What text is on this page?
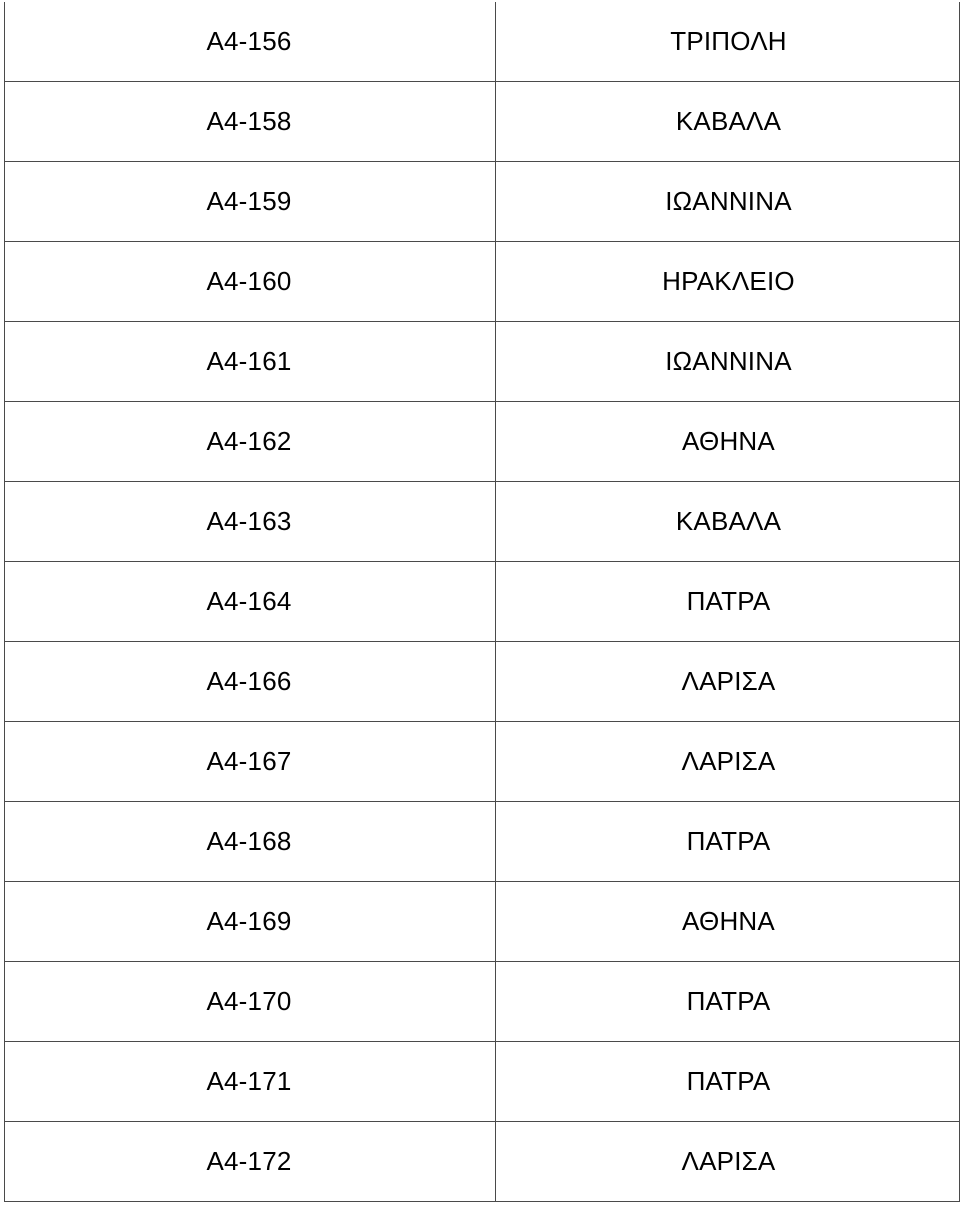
A4-156	ΤΡΙΠΟΛΗ
A4-158	ΚΑΒΑΛΑ
A4-159	ΙΩΑΝΝΙΝΑ
A4-160	ΗΡΑΚΛΕΙΟ
A4-161	ΙΩΑΝΝΙΝΑ
A4-162	ΑΘΗΝΑ
A4-163	ΚΑΒΑΛΑ
A4-164	ΠΑΤΡΑ
A4-166	ΛΑΡΙΣΑ
A4-167	ΛΑΡΙΣΑ
A4-168	ΠΑΤΡΑ
A4-169	ΑΘΗΝΑ
A4-170	ΠΑΤΡΑ
A4-171	ΠΑΤΡΑ
A4-172	ΛΑΡΙΣΑ
